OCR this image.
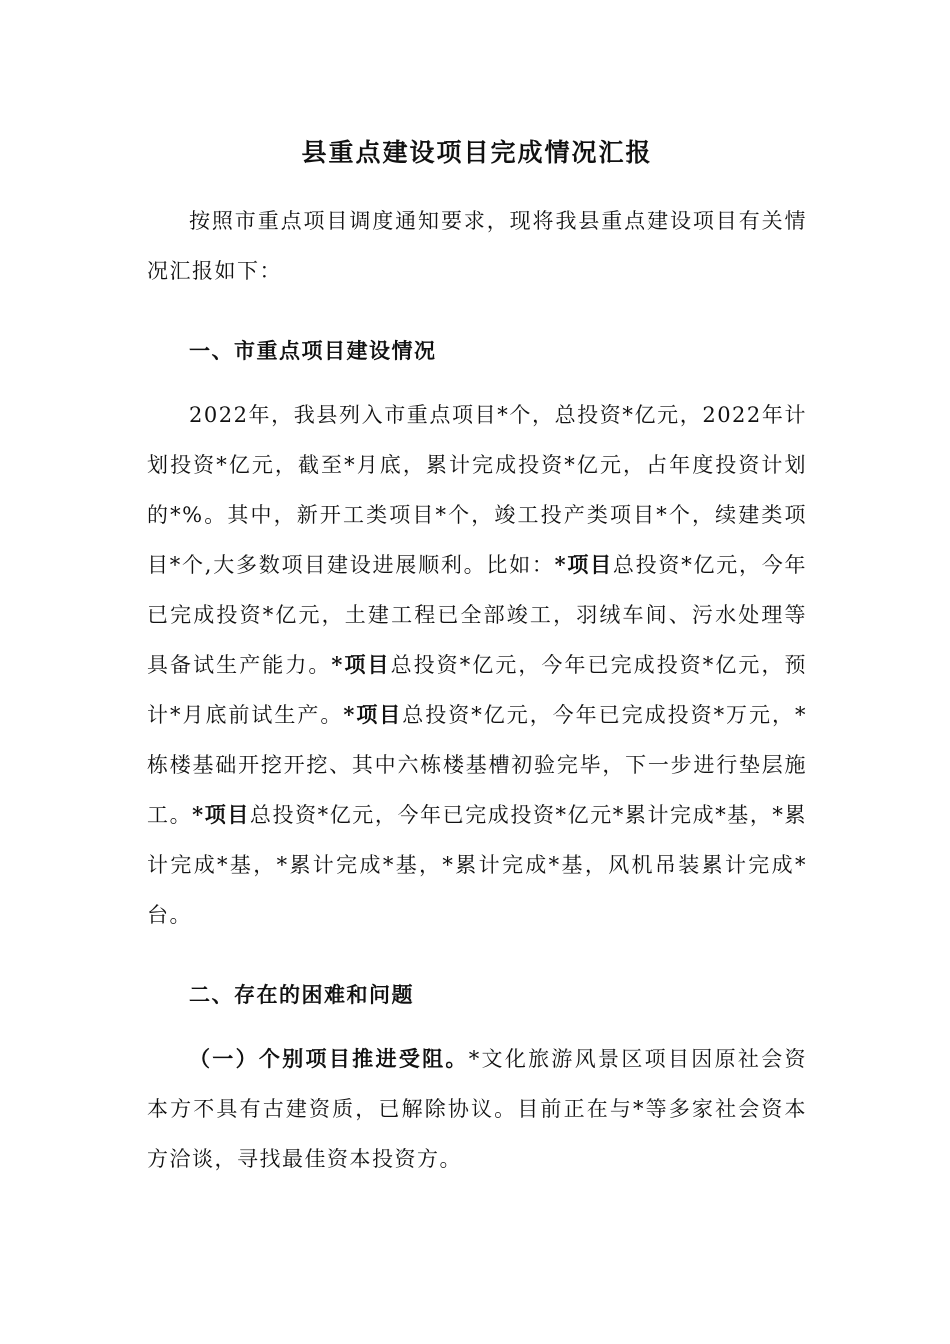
县重点建设项目完成情况汇报

按照市重点项目调度通知要求，现将我县重点建设项目有关情况汇报如下：

一、市重点项目建设情况

2022年，我县列入市重点项目*个，总投资*亿元，2022年计划投资*亿元，截至*月底，累计完成投资*亿元，占年度投资计划的*%。其中，新开工类项目*个，竣工投产类项目*个，续建类项目*个,大多数项目建设进展顺利。比如：*项目总投资*亿元，今年已完成投资*亿元，土建工程已全部竣工，羽绒车间、污水处理等具备试生产能力。*项目总投资*亿元，今年已完成投资*亿元，预计*月底前试生产。*项目总投资*亿元，今年已完成投资*万元，*栋楼基础开挖开挖、其中六栋楼基槽初验完毕，下一步进行垫层施工。*项目总投资*亿元，今年已完成投资*亿元*累计完成*基，*累计完成*基，*累计完成*基，*累计完成*基，风机吊装累计完成*台。

二、存在的困难和问题

（一）个别项目推进受阻。*文化旅游风景区项目因原社会资本方不具有古建资质，已解除协议。目前正在与*等多家社会资本方洽谈，寻找最佳资本投资方。
